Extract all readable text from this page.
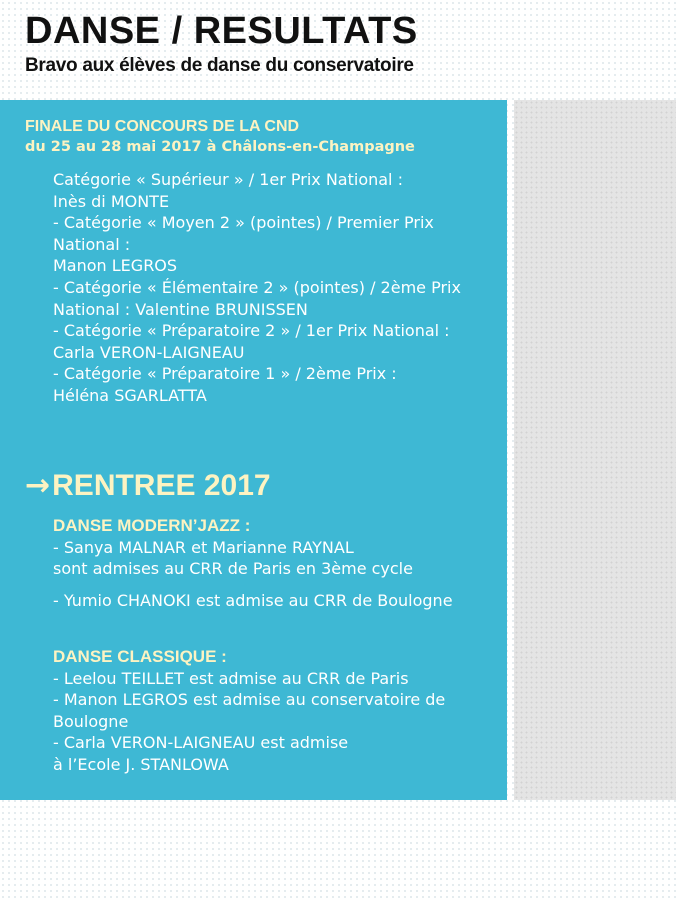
DANSE / RESULTATS

Bravo aux élèves de danse du conservatoire

FINALE DU CONCOURS DE LA CND
du 25 au 28 mai 2017 à Châlons-en-Champagne
Catégorie « Supérieur » / 1er Prix National :
Inès di MONTE
- Catégorie « Moyen 2 » (pointes) / Premier Prix
National :
Manon LEGROS
- Catégorie « Élémentaire 2 » (pointes) / 2ème Prix
National : Valentine BRUNISSEN
- Catégorie « Préparatoire 2 » / 1er Prix National :
Carla VERON-LAIGNEAU
- Catégorie « Préparatoire 1 » / 2ème Prix :
Héléna SGARLATTA
→RENTREE 2017
DANSE MODERN’JAZZ :
- Sanya MALNAR et Marianne RAYNAL
sont admises au CRR de Paris en 3ème cycle
- Yumio CHANOKI est admise au CRR de Boulogne
DANSE CLASSIQUE :
- Leelou TEILLET est admise au CRR de Paris
- Manon LEGROS est admise au conservatoire de
Boulogne
- Carla VERON-LAIGNEAU est admise
à l’Ecole J. STANLOWA
